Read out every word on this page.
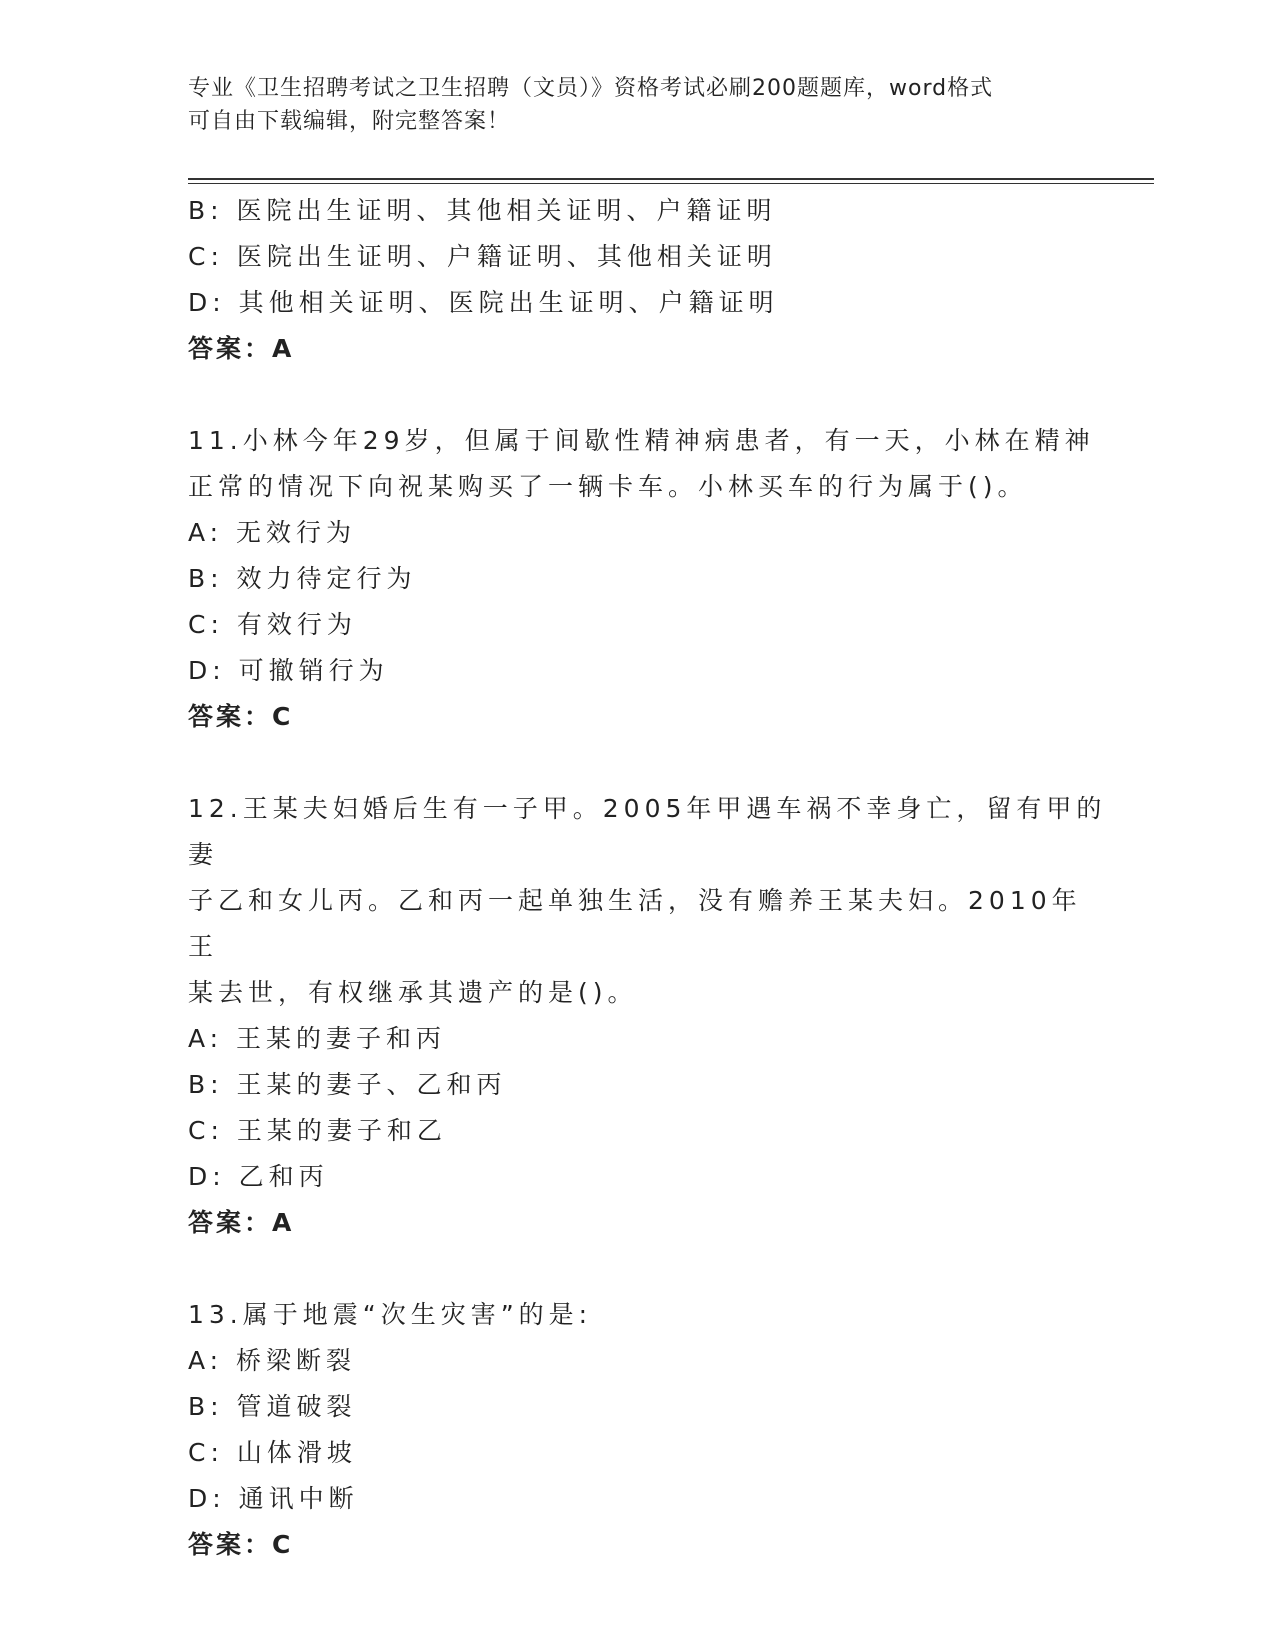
专业《卫生招聘考试之卫生招聘（文员）》资格考试必刷200题题库，word格式
可自由下载编辑，附完整答案！
B: 医院出生证明、其他相关证明、户籍证明
C: 医院出生证明、户籍证明、其他相关证明
D: 其他相关证明、医院出生证明、户籍证明
答案：A
11.小林今年29岁，但属于间歇性精神病患者，有一天，小林在精神
正常的情况下向祝某购买了一辆卡车。小林买车的行为属于()。
A: 无效行为
B: 效力待定行为
C: 有效行为
D: 可撤销行为
答案：C
12.王某夫妇婚后生有一子甲。2005年甲遇车祸不幸身亡，留有甲的妻
子乙和女儿丙。乙和丙一起单独生活，没有赡养王某夫妇。2010年王
某去世，有权继承其遗产的是()。
A: 王某的妻子和丙
B: 王某的妻子、乙和丙
C: 王某的妻子和乙
D: 乙和丙
答案：A
13.属于地震“次生灾害”的是:
A: 桥梁断裂
B: 管道破裂
C: 山体滑坡
D: 通讯中断
答案：C
